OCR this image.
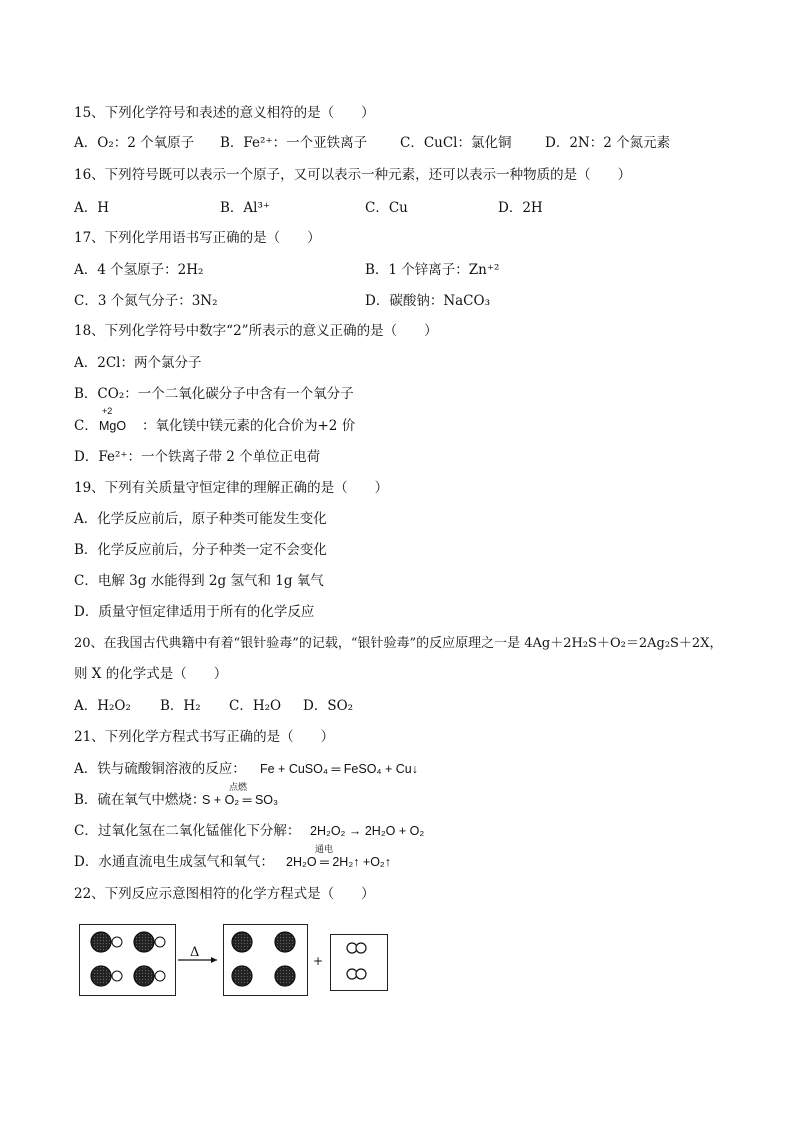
15、下列化学符号和表述的意义相符的是（　　）
A．O₂：2 个氧原子 B．Fe²⁺：一个亚铁离子 C．CuCl：氯化铜 D．2N：2 个氮元素
16、下列符号既可以表示一个原子，又可以表示一种元素，还可以表示一种物质的是（　　）
A．H	B．Al³⁺	C．Cu	D．2H
17、下列化学用语书写正确的是（　　）
A．4 个氢原子：2H₂	B．1 个锌离子：Zn⁺²
C．3 个氮气分子：3N₂	D．碳酸钠：NaCO₃
18、下列化学符号中数字“2”所表示的意义正确的是（　　）
A．2Cl：两个氯分子
B．CO₂：一个二氧化碳分子中含有一个氧分子
C．
+2
MgO ：氧化镁中镁元素的化合价为+2 价
D．Fe²⁺：一个铁离子带 2 个单位正电荷
19、下列有关质量守恒定律的理解正确的是（　　）
A．化学反应前后，原子种类可能发生变化
B．化学反应前后，分子种类一定不会变化
C．电解 3g 水能得到 2g 氢气和 1g 氧气
D．质量守恒定律适用于所有的化学反应
20、在我国古代典籍中有着“银针验毒”的记载，“银针验毒”的反应原理之一是 4Ag＋2H₂S＋O₂＝2Ag₂S＋2X，
则 X 的化学式是（　　）
A．H₂O₂ B．H₂ C．H₂O D．SO₂
21、下列化学方程式书写正确的是（　　）
A．铁与硫酸铜溶液的反应： Fe + CuSO₄ ═ FeSO₄ + Cu↓
B．硫在氧气中燃烧：
点燃
S + O₂ ═ SO₃
C．过氧化氢在二氧化锰催化下分解： 2H₂O₂ → 2H₂O + O₂
D．水通直流电生成氢气和氧气：
通电
2H₂O ═ 2H₂↑ +O₂↑
22、下列反应示意图相符的化学方程式是（　　）
Δ
+
